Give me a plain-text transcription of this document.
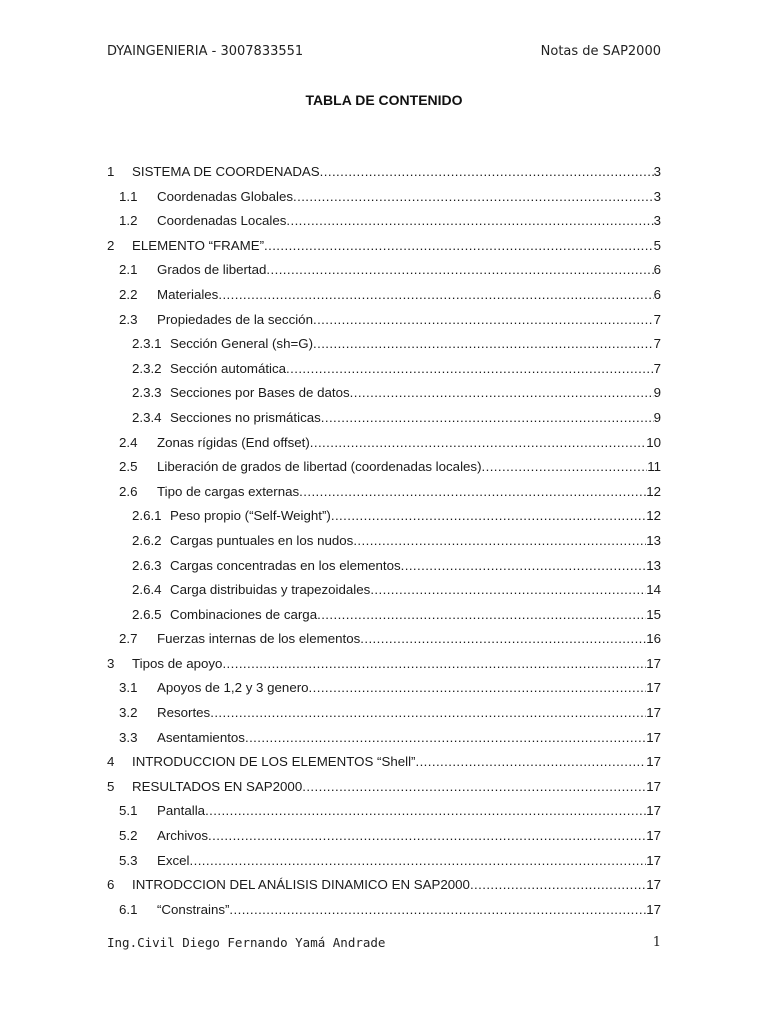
DYAINGENIERIA - 3007833551	Notas de SAP2000
TABLA DE CONTENIDO
1	SISTEMA DE COORDENADAS .....	3
1.1	Coordenadas Globales .....	3
1.2	Coordenadas Locales .....	3
2	ELEMENTO “FRAME” .....	5
2.1	Grados de libertad .....	6
2.2	Materiales .....	6
2.3	Propiedades de la sección .....	7
2.3.1 Sección General (sh=G) .....	7
2.3.2 Sección automática .....	7
2.3.3 Secciones por Bases de datos .....	9
2.3.4 Secciones no prismáticas .....	9
2.4	Zonas rígidas (End offset) .....	10
2.5	Liberación de grados de libertad (coordenadas locales) .....	11
2.6	Tipo de cargas externas .....	12
2.6.1 Peso propio (“Self-Weight”) .....	12
2.6.2 Cargas puntuales en los nudos .....	13
2.6.3 Cargas concentradas en los elementos .....	13
2.6.4 Carga distribuidas y trapezoidales .....	14
2.6.5 Combinaciones de carga .....	15
2.7	Fuerzas internas de los elementos .....	16
3	Tipos de apoyo .....	17
3.1	Apoyos de 1,2 y 3 genero .....	17
3.2	Resortes .....	17
3.3	Asentamientos .....	17
4	INTRODUCCION DE LOS ELEMENTOS “Shell” .....	17
5	RESULTADOS EN SAP2000 .....	17
5.1	Pantalla .....	17
5.2	Archivos .....	17
5.3	Excel .....	17
6	INTRODCCION DEL ANÁLISIS DINAMICO EN SAP2000 .....	17
6.1	“Constrains” .....	17
Ing.Civil Diego Fernando Yamá Andrade	1
